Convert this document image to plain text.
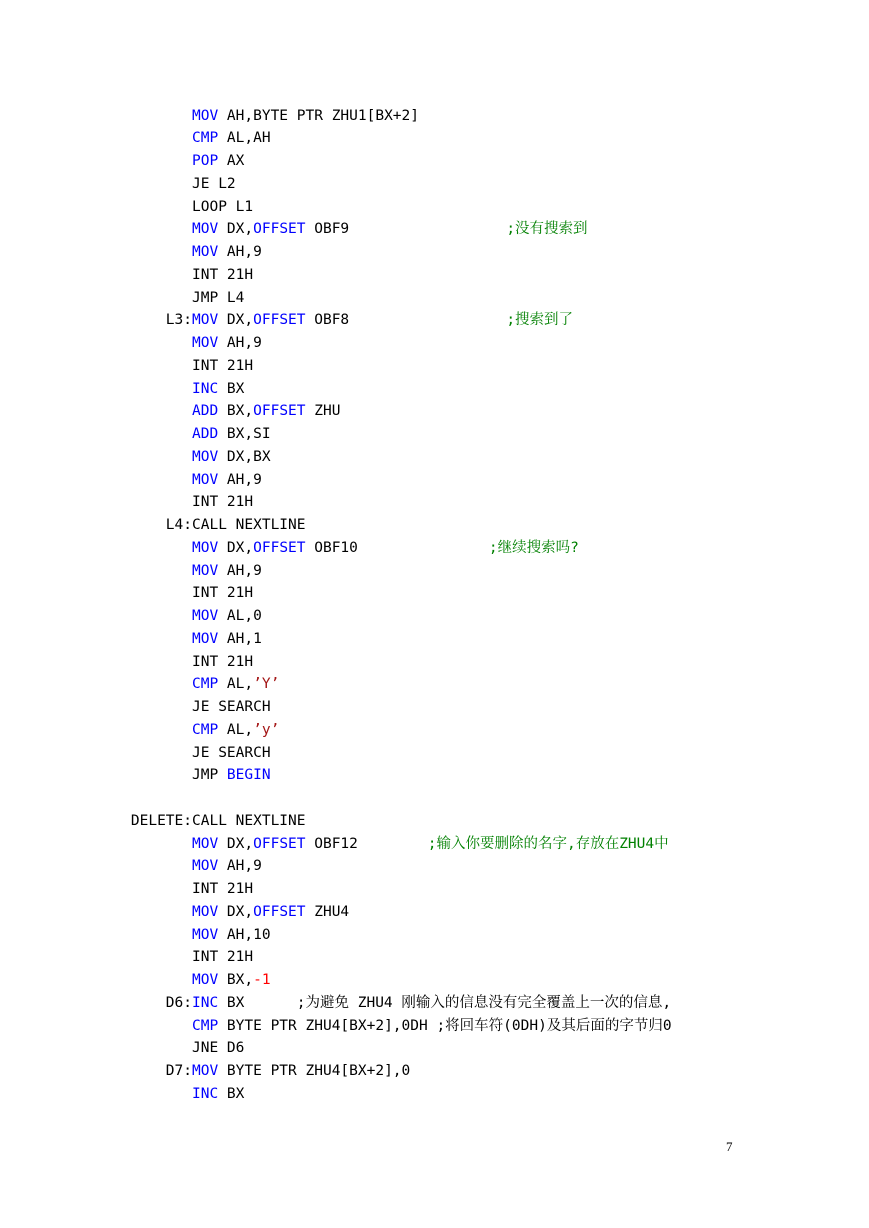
MOV AH,BYTE PTR ZHU1[BX+2]
CMP AL,AH
POP AX
JE L2
LOOP L1
MOV DX,OFFSET OBF9                  ;没有搜索到
MOV AH,9
INT 21H
JMP L4
L3: MOV DX,OFFSET OBF8                  ;搜索到了
MOV AH,9
INT 21H
INC BX
ADD BX,OFFSET ZHU
ADD BX,SI
MOV DX,BX
MOV AH,9
INT 21H
L4: CALL NEXTLINE
MOV DX,OFFSET OBF10               ;继续搜索吗?
MOV AH,9
INT 21H
MOV AL,0
MOV AH,1
INT 21H
CMP AL,’Y’
JE SEARCH
CMP AL,’y’
JE SEARCH
JMP BEGIN
DELETE: CALL NEXTLINE
MOV DX,OFFSET OBF12        ;输入你要删除的名字,存放在ZHU4中
MOV AH,9
INT 21H
MOV DX,OFFSET ZHU4
MOV AH,10
INT 21H
MOV BX,-1
D6: INC BX      ;为避免 ZHU4 刚输入的信息没有完全覆盖上一次的信息,
CMP BYTE PTR ZHU4[BX+2],0DH ;将回车符(0DH)及其后面的字节归0
JNE D6
D7: MOV BYTE PTR ZHU4[BX+2],0
INC BX
7
